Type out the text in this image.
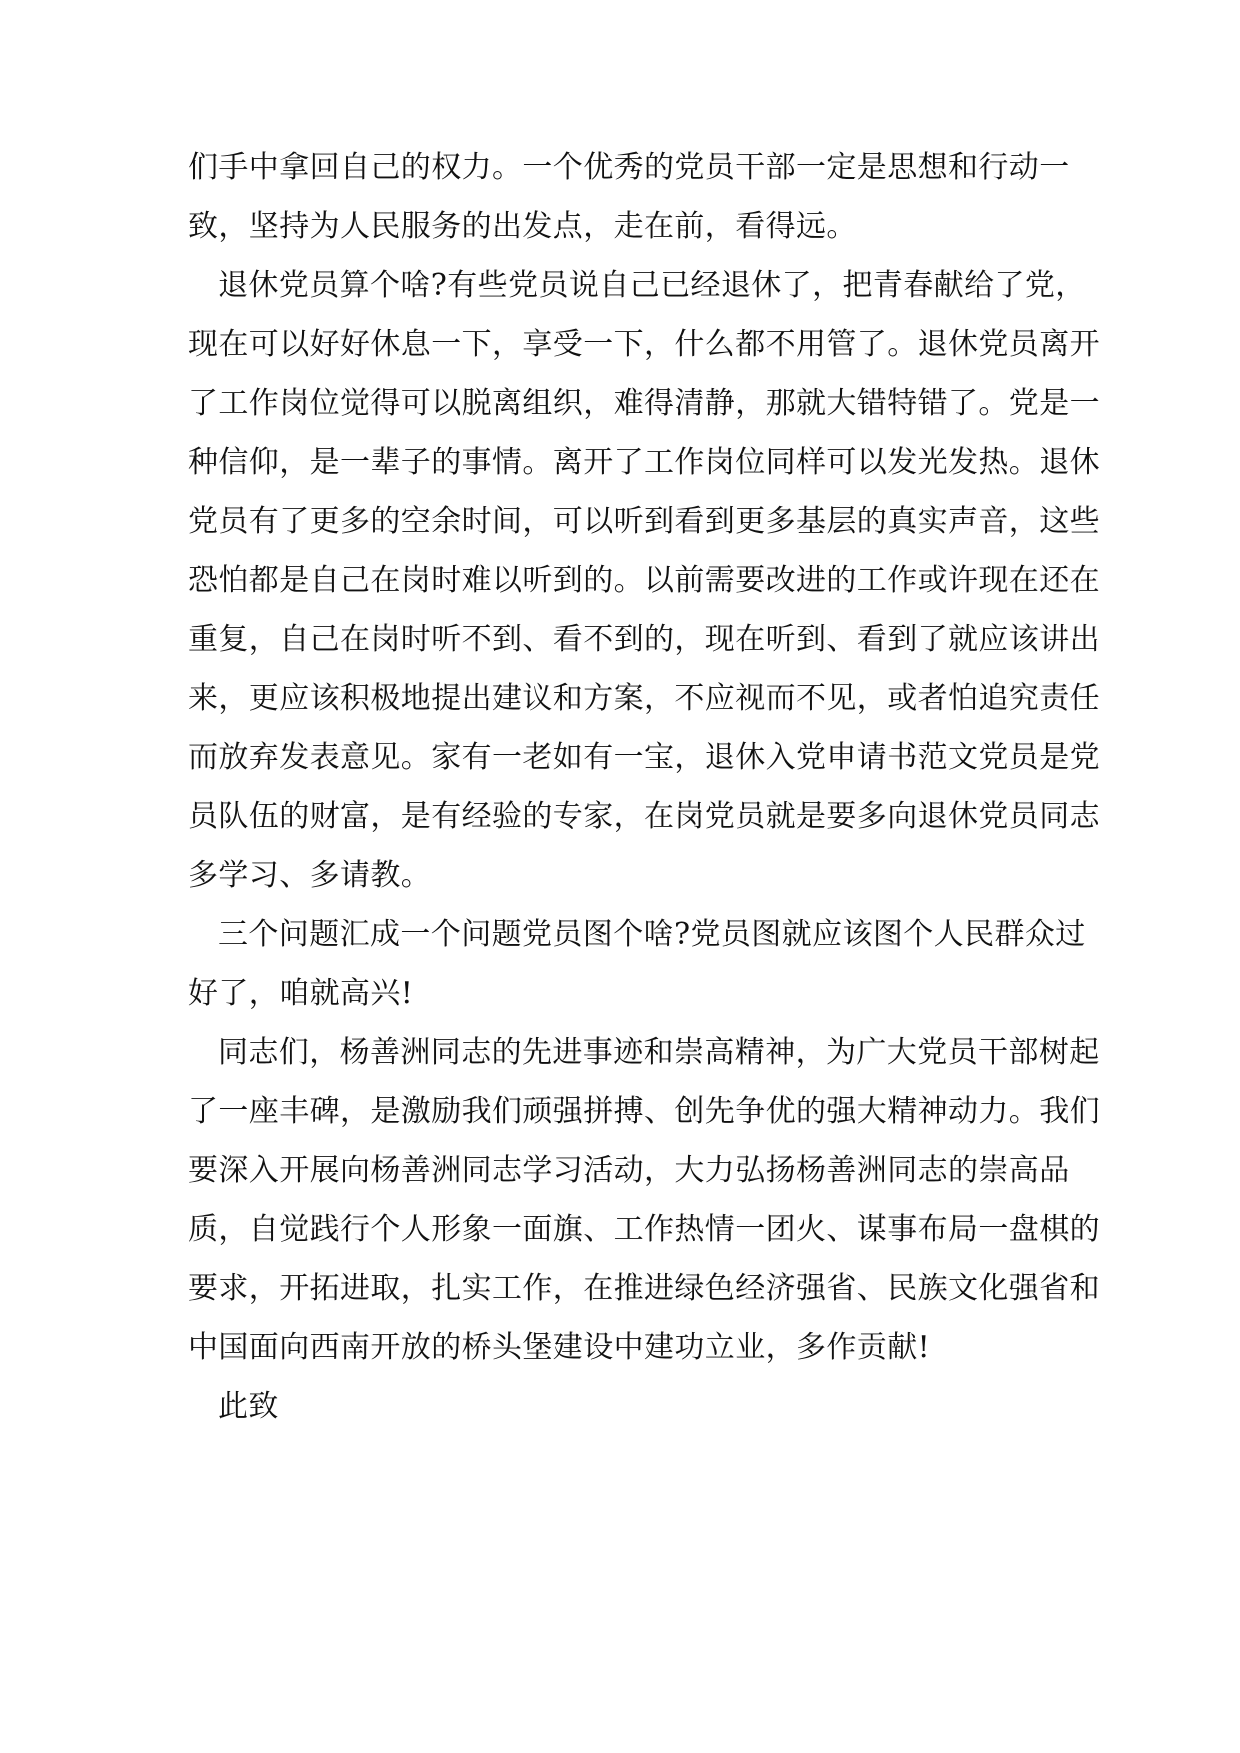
们手中拿回自己的权力。一个优秀的党员干部一定是思想和行动一
致，坚持为人民服务的出发点，走在前，看得远。
退休党员算个啥?有些党员说自己已经退休了，把青春献给了党，
现在可以好好休息一下，享受一下，什么都不用管了。退休党员离开
了工作岗位觉得可以脱离组织，难得清静，那就大错特错了。党是一
种信仰，是一辈子的事情。离开了工作岗位同样可以发光发热。退休
党员有了更多的空余时间，可以听到看到更多基层的真实声音，这些
恐怕都是自己在岗时难以听到的。以前需要改进的工作或许现在还在
重复，自己在岗时听不到、看不到的，现在听到、看到了就应该讲出
来，更应该积极地提出建议和方案，不应视而不见，或者怕追究责任
而放弃发表意见。家有一老如有一宝，退休入党申请书范文党员是党
员队伍的财富，是有经验的专家，在岗党员就是要多向退休党员同志
多学习、多请教。
三个问题汇成一个问题党员图个啥?党员图就应该图个人民群众过
好了，咱就高兴!
同志们，杨善洲同志的先进事迹和崇高精神，为广大党员干部树起
了一座丰碑，是激励我们顽强拼搏、创先争优的强大精神动力。我们
要深入开展向杨善洲同志学习活动，大力弘扬杨善洲同志的崇高品
质，自觉践行个人形象一面旗、工作热情一团火、谋事布局一盘棋的
要求，开拓进取，扎实工作，在推进绿色经济强省、民族文化强省和
中国面向西南开放的桥头堡建设中建功立业，多作贡献!
此致
